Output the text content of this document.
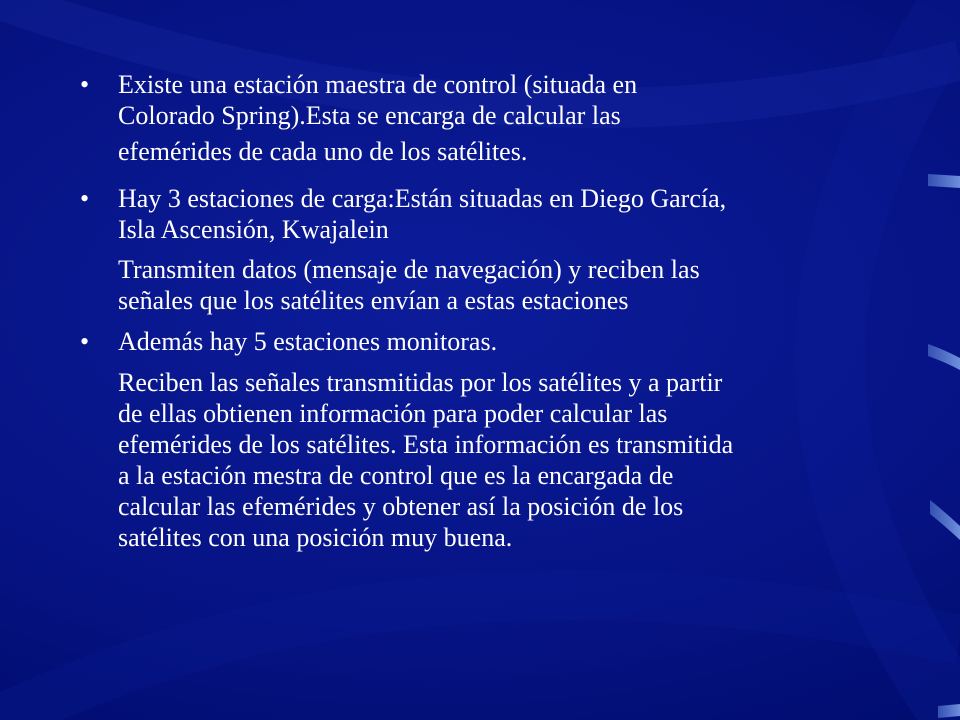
•	Existe una estación maestra de control (situada en
Colorado Spring).Esta se encarga de calcular las
efemérides de cada uno de los satélites.
•	Hay 3 estaciones de carga:Están situadas en Diego García,
Isla Ascensión, Kwajalein
Transmiten datos (mensaje de navegación) y reciben las
señales que los satélites envían a estas estaciones
•	Además hay 5 estaciones monitoras.
Reciben las señales transmitidas por los satélites y a partir
de ellas obtienen información para poder calcular las
efemérides de los satélites. Esta información es transmitida
a la estación mestra de control que es la encargada de
calcular las efemérides y obtener así la posición de los
satélites con una posición muy buena.
